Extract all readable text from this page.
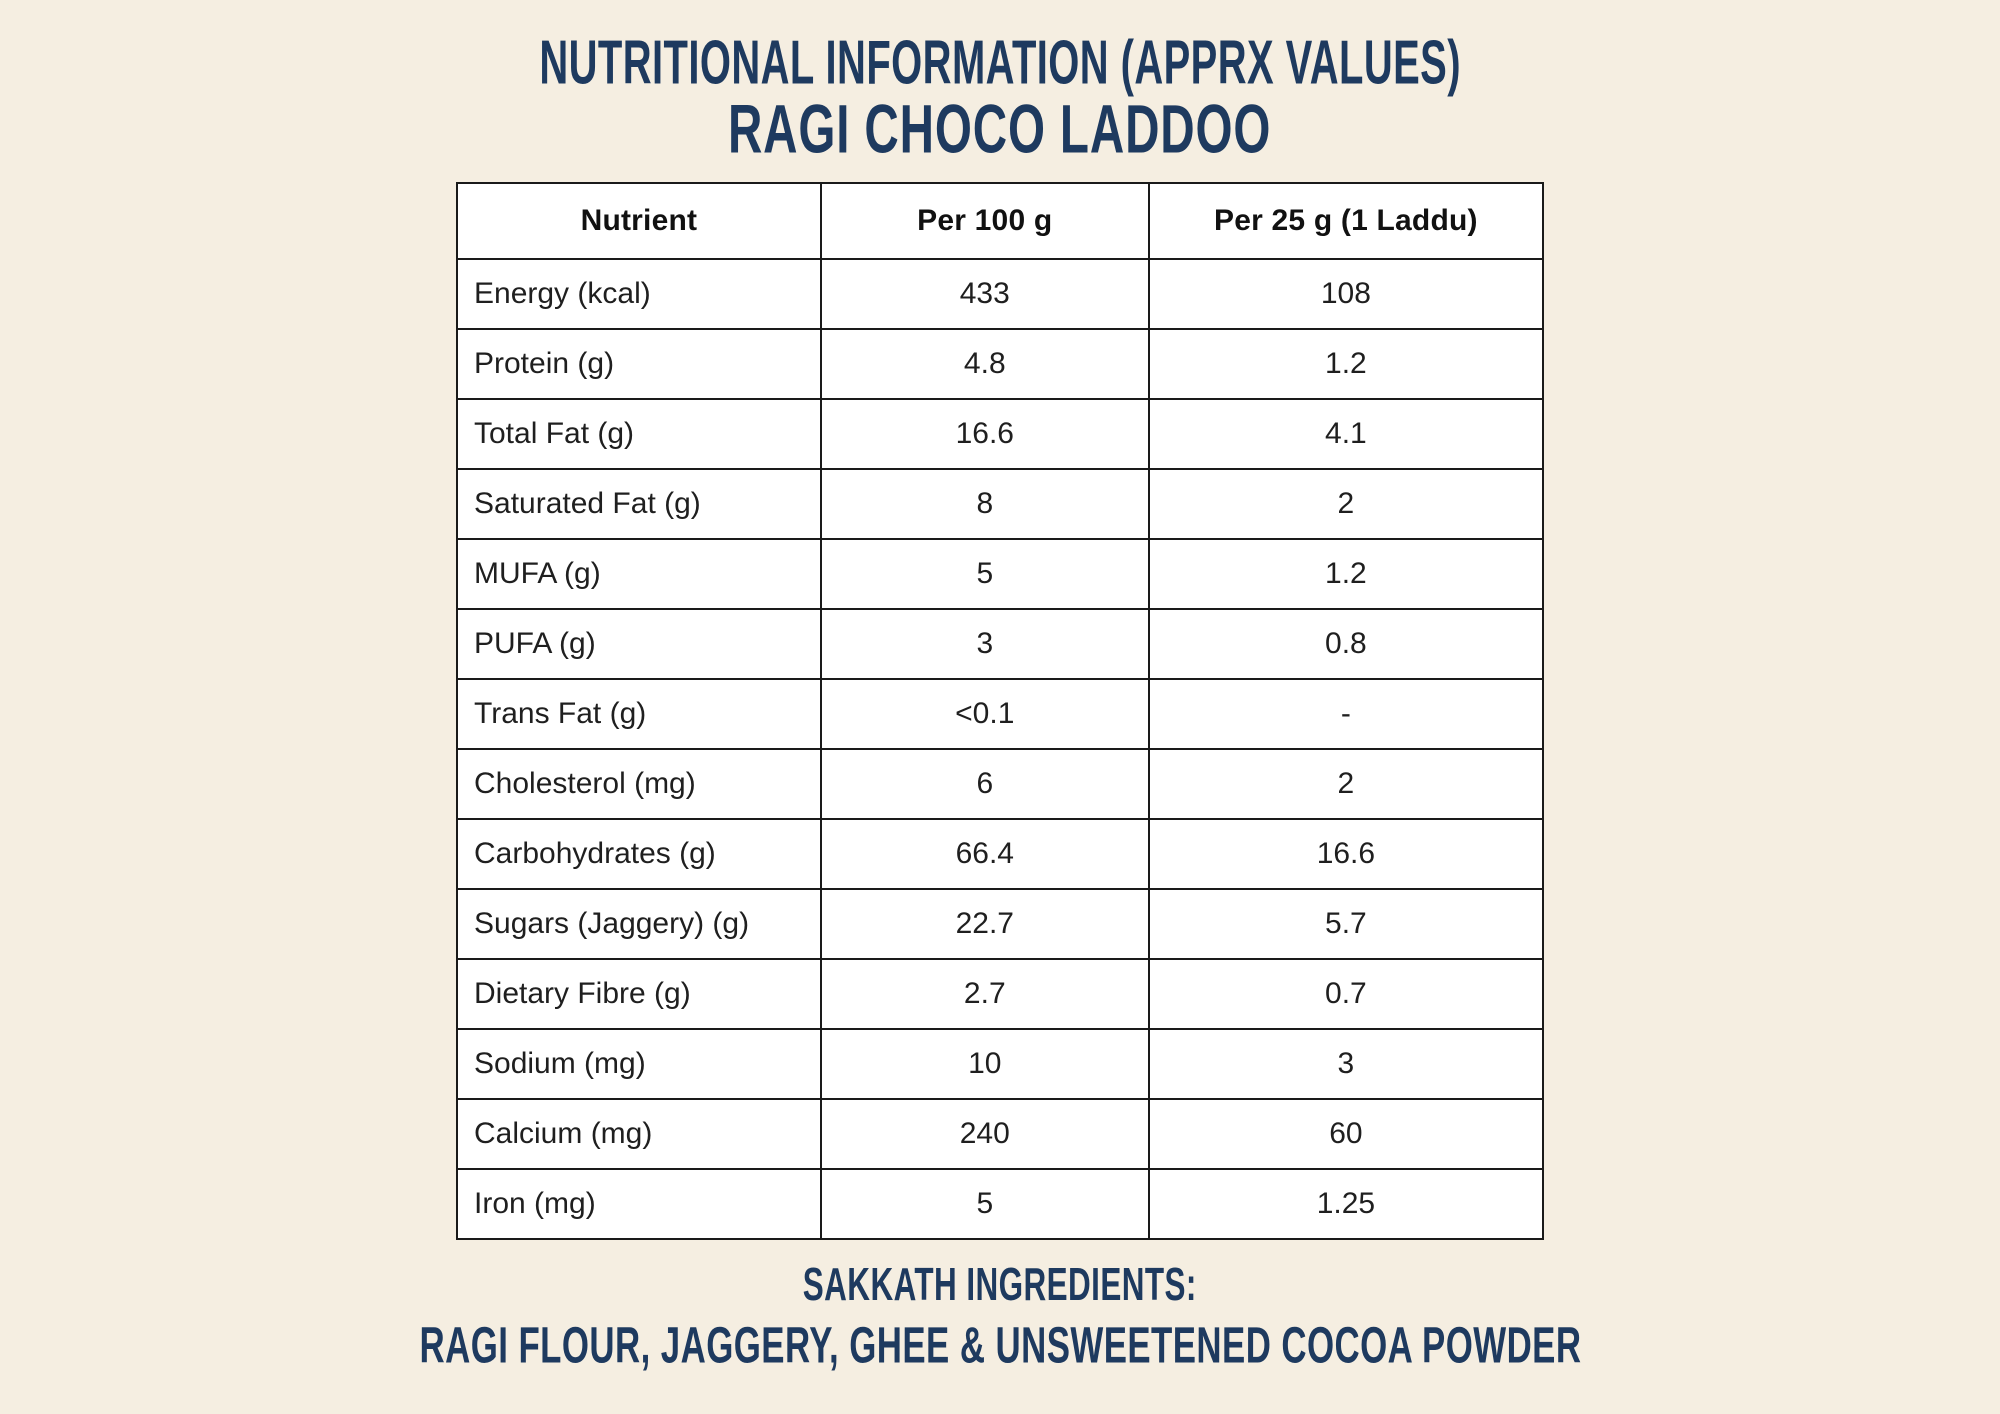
NUTRITIONAL INFORMATION (APPRX VALUES)
RAGI CHOCO LADDOO
Nutrient	Per 100 g	Per 25 g (1 Laddu)
Energy (kcal)	433	108
Protein (g)	4.8	1.2
Total Fat (g)	16.6	4.1
Saturated Fat (g)	8	2
MUFA (g)	5	1.2
PUFA (g)	3	0.8
Trans Fat (g)	<0.1	-
Cholesterol (mg)	6	2
Carbohydrates (g)	66.4	16.6
Sugars (Jaggery) (g)	22.7	5.7
Dietary Fibre (g)	2.7	0.7
Sodium (mg)	10	3
Calcium (mg)	240	60
Iron (mg)	5	1.25
SAKKATH INGREDIENTS:
RAGI FLOUR, JAGGERY, GHEE & UNSWEETENED COCOA POWDER
